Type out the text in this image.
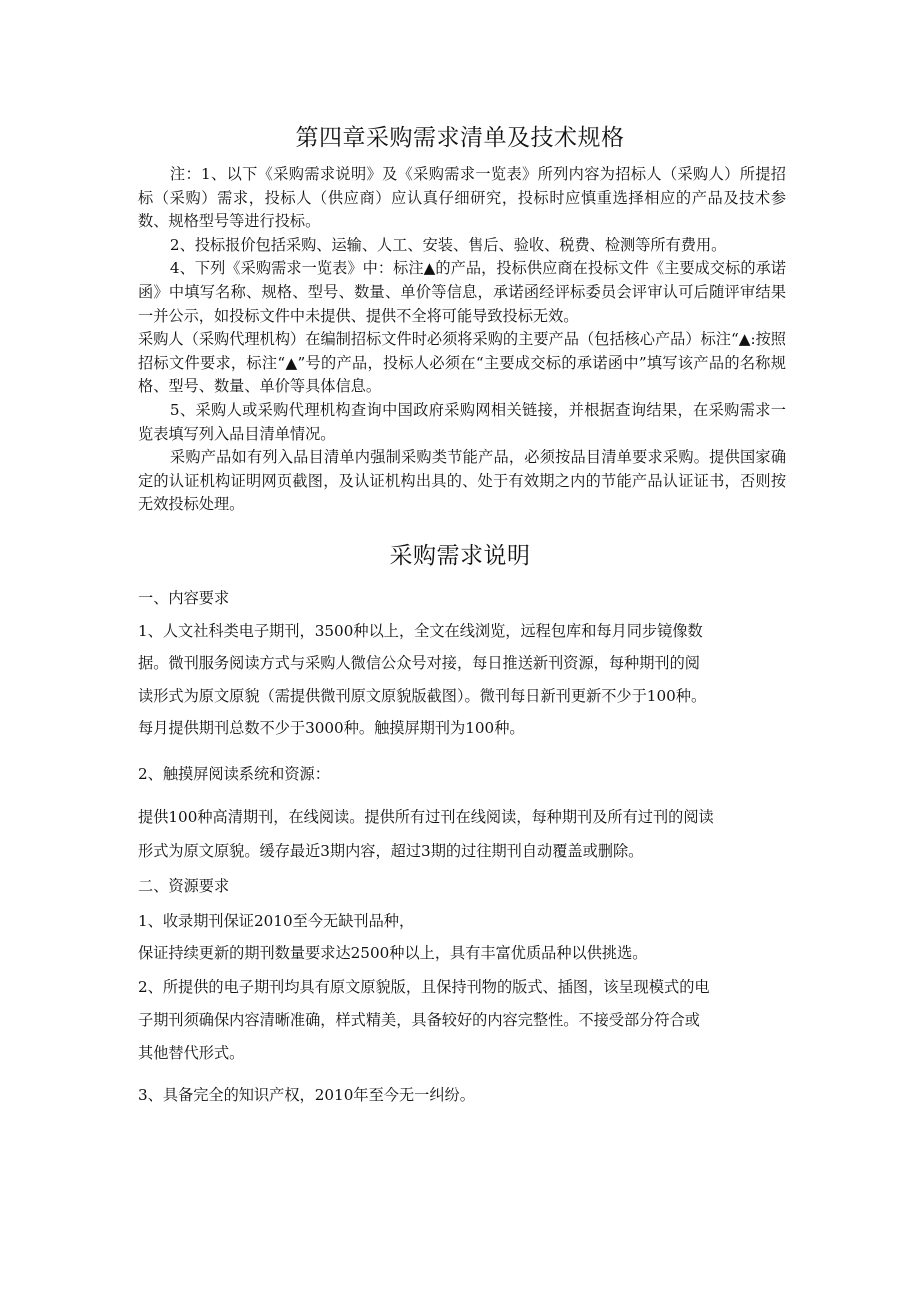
第四章采购需求清单及技术规格

注：1、以下《采购需求说明》及《采购需求一览表》所列内容为招标人（采购人）所提招标（采购）需求，投标人（供应商）应认真仔细研究，投标时应慎重选择相应的产品及技术参数、规格型号等进行投标。

2、投标报价包括采购、运输、人工、安装、售后、验收、税费、检测等所有费用。

4、下列《采购需求一览表》中：标注▲的产品，投标供应商在投标文件《主要成交标的承诺函》中填写名称、规格、型号、数量、单价等信息，承诺函经评标委员会评审认可后随评审结果一并公示，如投标文件中未提供、提供不全将可能导致投标无效。

采购人（采购代理机构）在编制招标文件时必须将采购的主要产品（包括核心产品）标注“▲:按照招标文件要求，标注“▲”号的产品，投标人必须在“主要成交标的承诺函中”填写该产品的名称规格、型号、数量、单价等具体信息。

5、采购人或采购代理机构查询中国政府采购网相关链接，并根据查询结果，在采购需求一览表填写列入品目清单情况。

采购产品如有列入品目清单内强制采购类节能产品，必须按品目清单要求采购。提供国家确定的认证机构证明网页截图，及认证机构出具的、处于有效期之内的节能产品认证证书，否则按无效投标处理。

采购需求说明

一、内容要求

1、人文社科类电子期刊，3500种以上，全文在线浏览，远程包库和每月同步镜像数

据。微刊服务阅读方式与采购人微信公众号对接，每日推送新刊资源，每种期刊的阅

读形式为原文原貌（需提供微刊原文原貌版截图）。微刊每日新刊更新不少于100种。

每月提供期刊总数不少于3000种。触摸屏期刊为100种。

2、触摸屏阅读系统和资源：

提供100种高清期刊，在线阅读。提供所有过刊在线阅读，每种期刊及所有过刊的阅读

形式为原文原貌。缓存最近3期内容，超过3期的过往期刊自动覆盖或删除。

二、资源要求

1、收录期刊保证2010至今无缺刊品种，

保证持续更新的期刊数量要求达2500种以上，具有丰富优质品种以供挑选。

2、所提供的电子期刊均具有原文原貌版，且保持刊物的版式、插图，该呈现模式的电

子期刊须确保内容清晰准确，样式精美，具备较好的内容完整性。不接受部分符合或

其他替代形式。

3、具备完全的知识产权，2010年至今无一纠纷。
